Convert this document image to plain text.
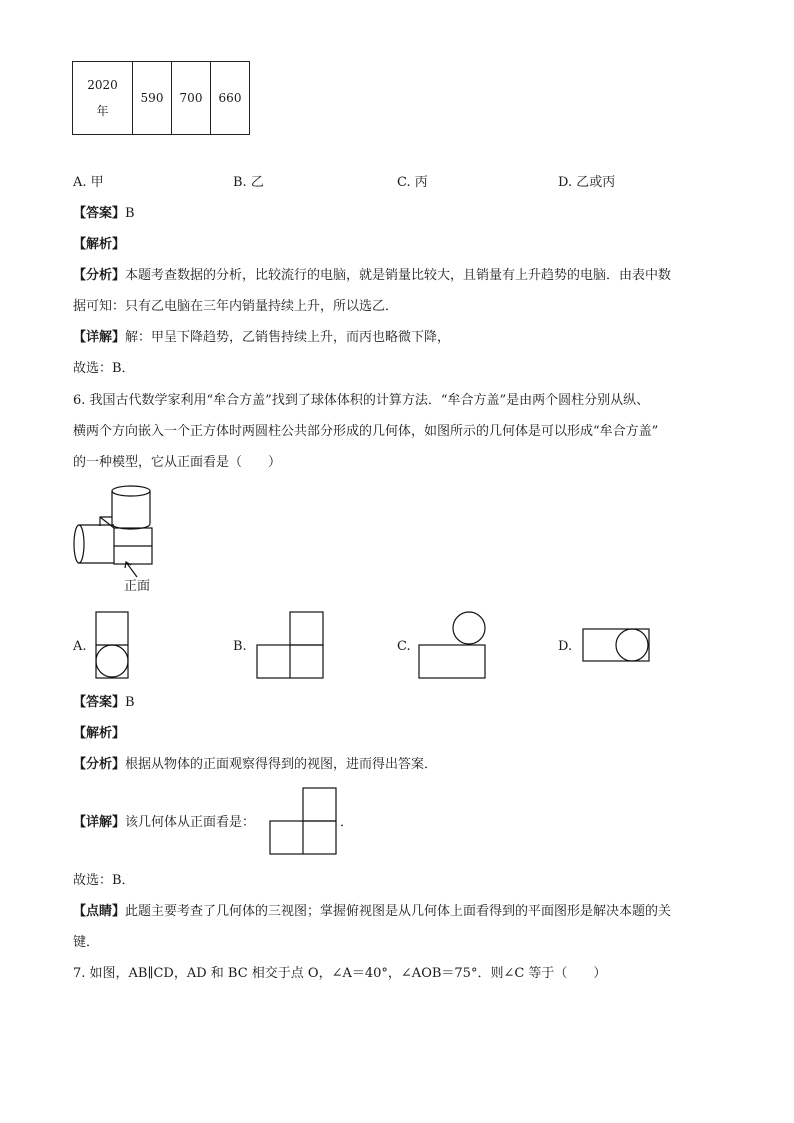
2020
年	590	700	660
A. 甲	B. 乙	C. 丙	D. 乙或丙
【答案】B
【解析】
【分析】本题考查数据的分析，比较流行的电脑，就是销量比较大，且销量有上升趋势的电脑．由表中数
据可知：只有乙电脑在三年内销量持续上升，所以选乙．
【详解】解：甲呈下降趋势，乙销售持续上升，而丙也略微下降，
故选：B．
6. 我国古代数学家利用“牟合方盖”找到了球体体积的计算方法．“牟合方盖”是由两个圆柱分别从纵、
横两个方向嵌入一个正方体时两圆柱公共部分形成的几何体，如图所示的几何体是可以形成“牟合方盖”
的一种模型，它从正面看是（　　）
正面
A.	B.	C.	D.
【答案】B
【解析】
【分析】根据从物体的正面观察得得到的视图，进而得出答案．
【详解】该几何体从正面看是：	．
故选：B．
【点睛】此题主要考查了几何体的三视图；掌握俯视图是从几何体上面看得到的平面图形是解决本题的关
键．
7. 如图，AB∥CD，AD 和 BC 相交于点 O，∠A＝40°，∠AOB＝75°．则∠C 等于（　　）
